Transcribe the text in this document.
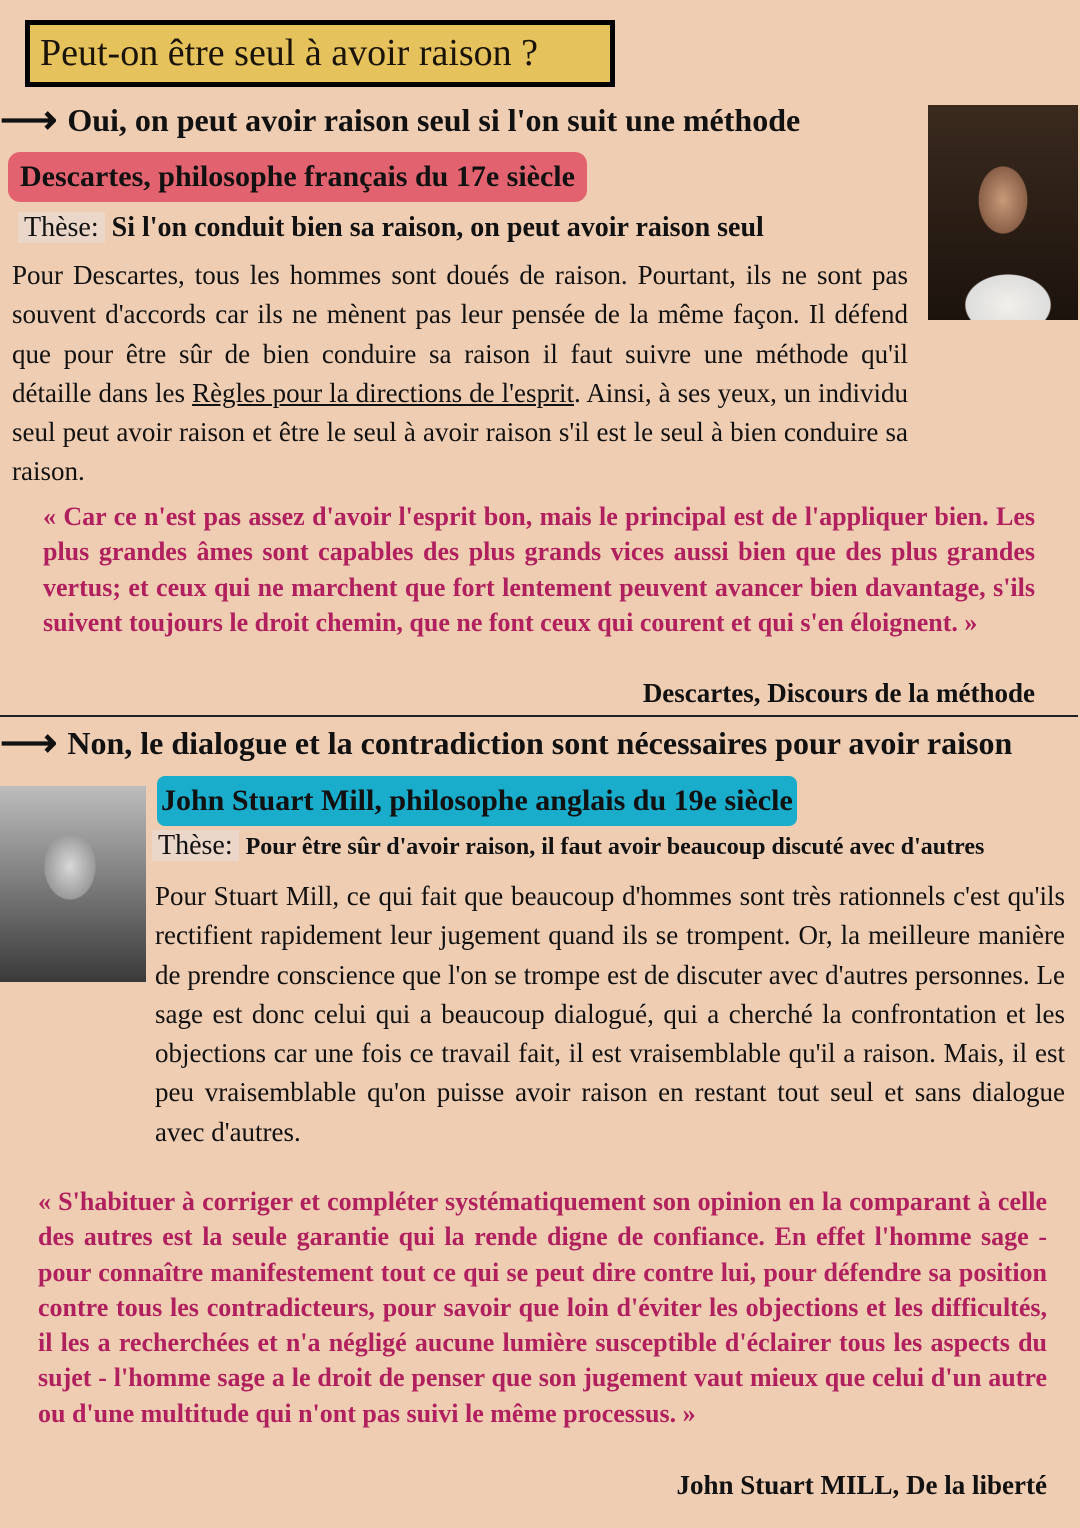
Peut-on être seul à avoir raison ?
⟶ Oui, on peut avoir raison seul si l'on suit une méthode
Descartes, philosophe français du 17e siècle
Thèse: Si l'on conduit bien sa raison, on peut avoir raison seul
Pour Descartes, tous les hommes sont doués de raison. Pourtant, ils ne sont pas souvent d'accords car ils ne mènent pas leur pensée de la même façon. Il défend que pour être sûr de bien conduire sa raison il faut suivre une méthode qu'il détaille dans les Règles pour la directions de l'esprit. Ainsi, à ses yeux, un individu seul peut avoir raison et être le seul à avoir raison s'il est le seul à bien conduire sa raison.
« Car ce n'est pas assez d'avoir l'esprit bon, mais le principal est de l'appliquer bien. Les plus grandes âmes sont capables des plus grands vices aussi bien que des plus grandes vertus; et ceux qui ne marchent que fort lentement peuvent avancer bien davantage, s'ils suivent toujours le droit chemin, que ne font ceux qui courent et qui s'en éloignent. »
Descartes, Discours de la méthode
⟶ Non, le dialogue et la contradiction sont nécessaires pour avoir raison
John Stuart Mill, philosophe anglais du 19e siècle
Thèse: Pour être sûr d'avoir raison, il faut avoir beaucoup discuté avec d'autres
Pour Stuart Mill, ce qui fait que beaucoup d'hommes sont très rationnels c'est qu'ils rectifient rapidement leur jugement quand ils se trompent. Or, la meilleure manière de prendre conscience que l'on se trompe est de discuter avec d'autres personnes. Le sage est donc celui qui a beaucoup dialogué, qui a cherché la confrontation et les objections car une fois ce travail fait, il est vraisemblable qu'il a raison. Mais, il est peu vraisemblable qu'on puisse avoir raison en restant tout seul et sans dialogue avec d'autres.
« S'habituer à corriger et compléter systématiquement son opinion en la comparant à celle des autres est la seule garantie qui la rende digne de confiance. En effet l'homme sage - pour connaître manifestement tout ce qui se peut dire contre lui, pour défendre sa position contre tous les contradicteurs, pour savoir que loin d'éviter les objections et les difficultés, il les a recherchées et n'a négligé aucune lumière susceptible d'éclairer tous les aspects du sujet - l'homme sage a le droit de penser que son jugement vaut mieux que celui d'un autre ou d'une multitude qui n'ont pas suivi le même processus. »
John Stuart MILL, De la liberté
